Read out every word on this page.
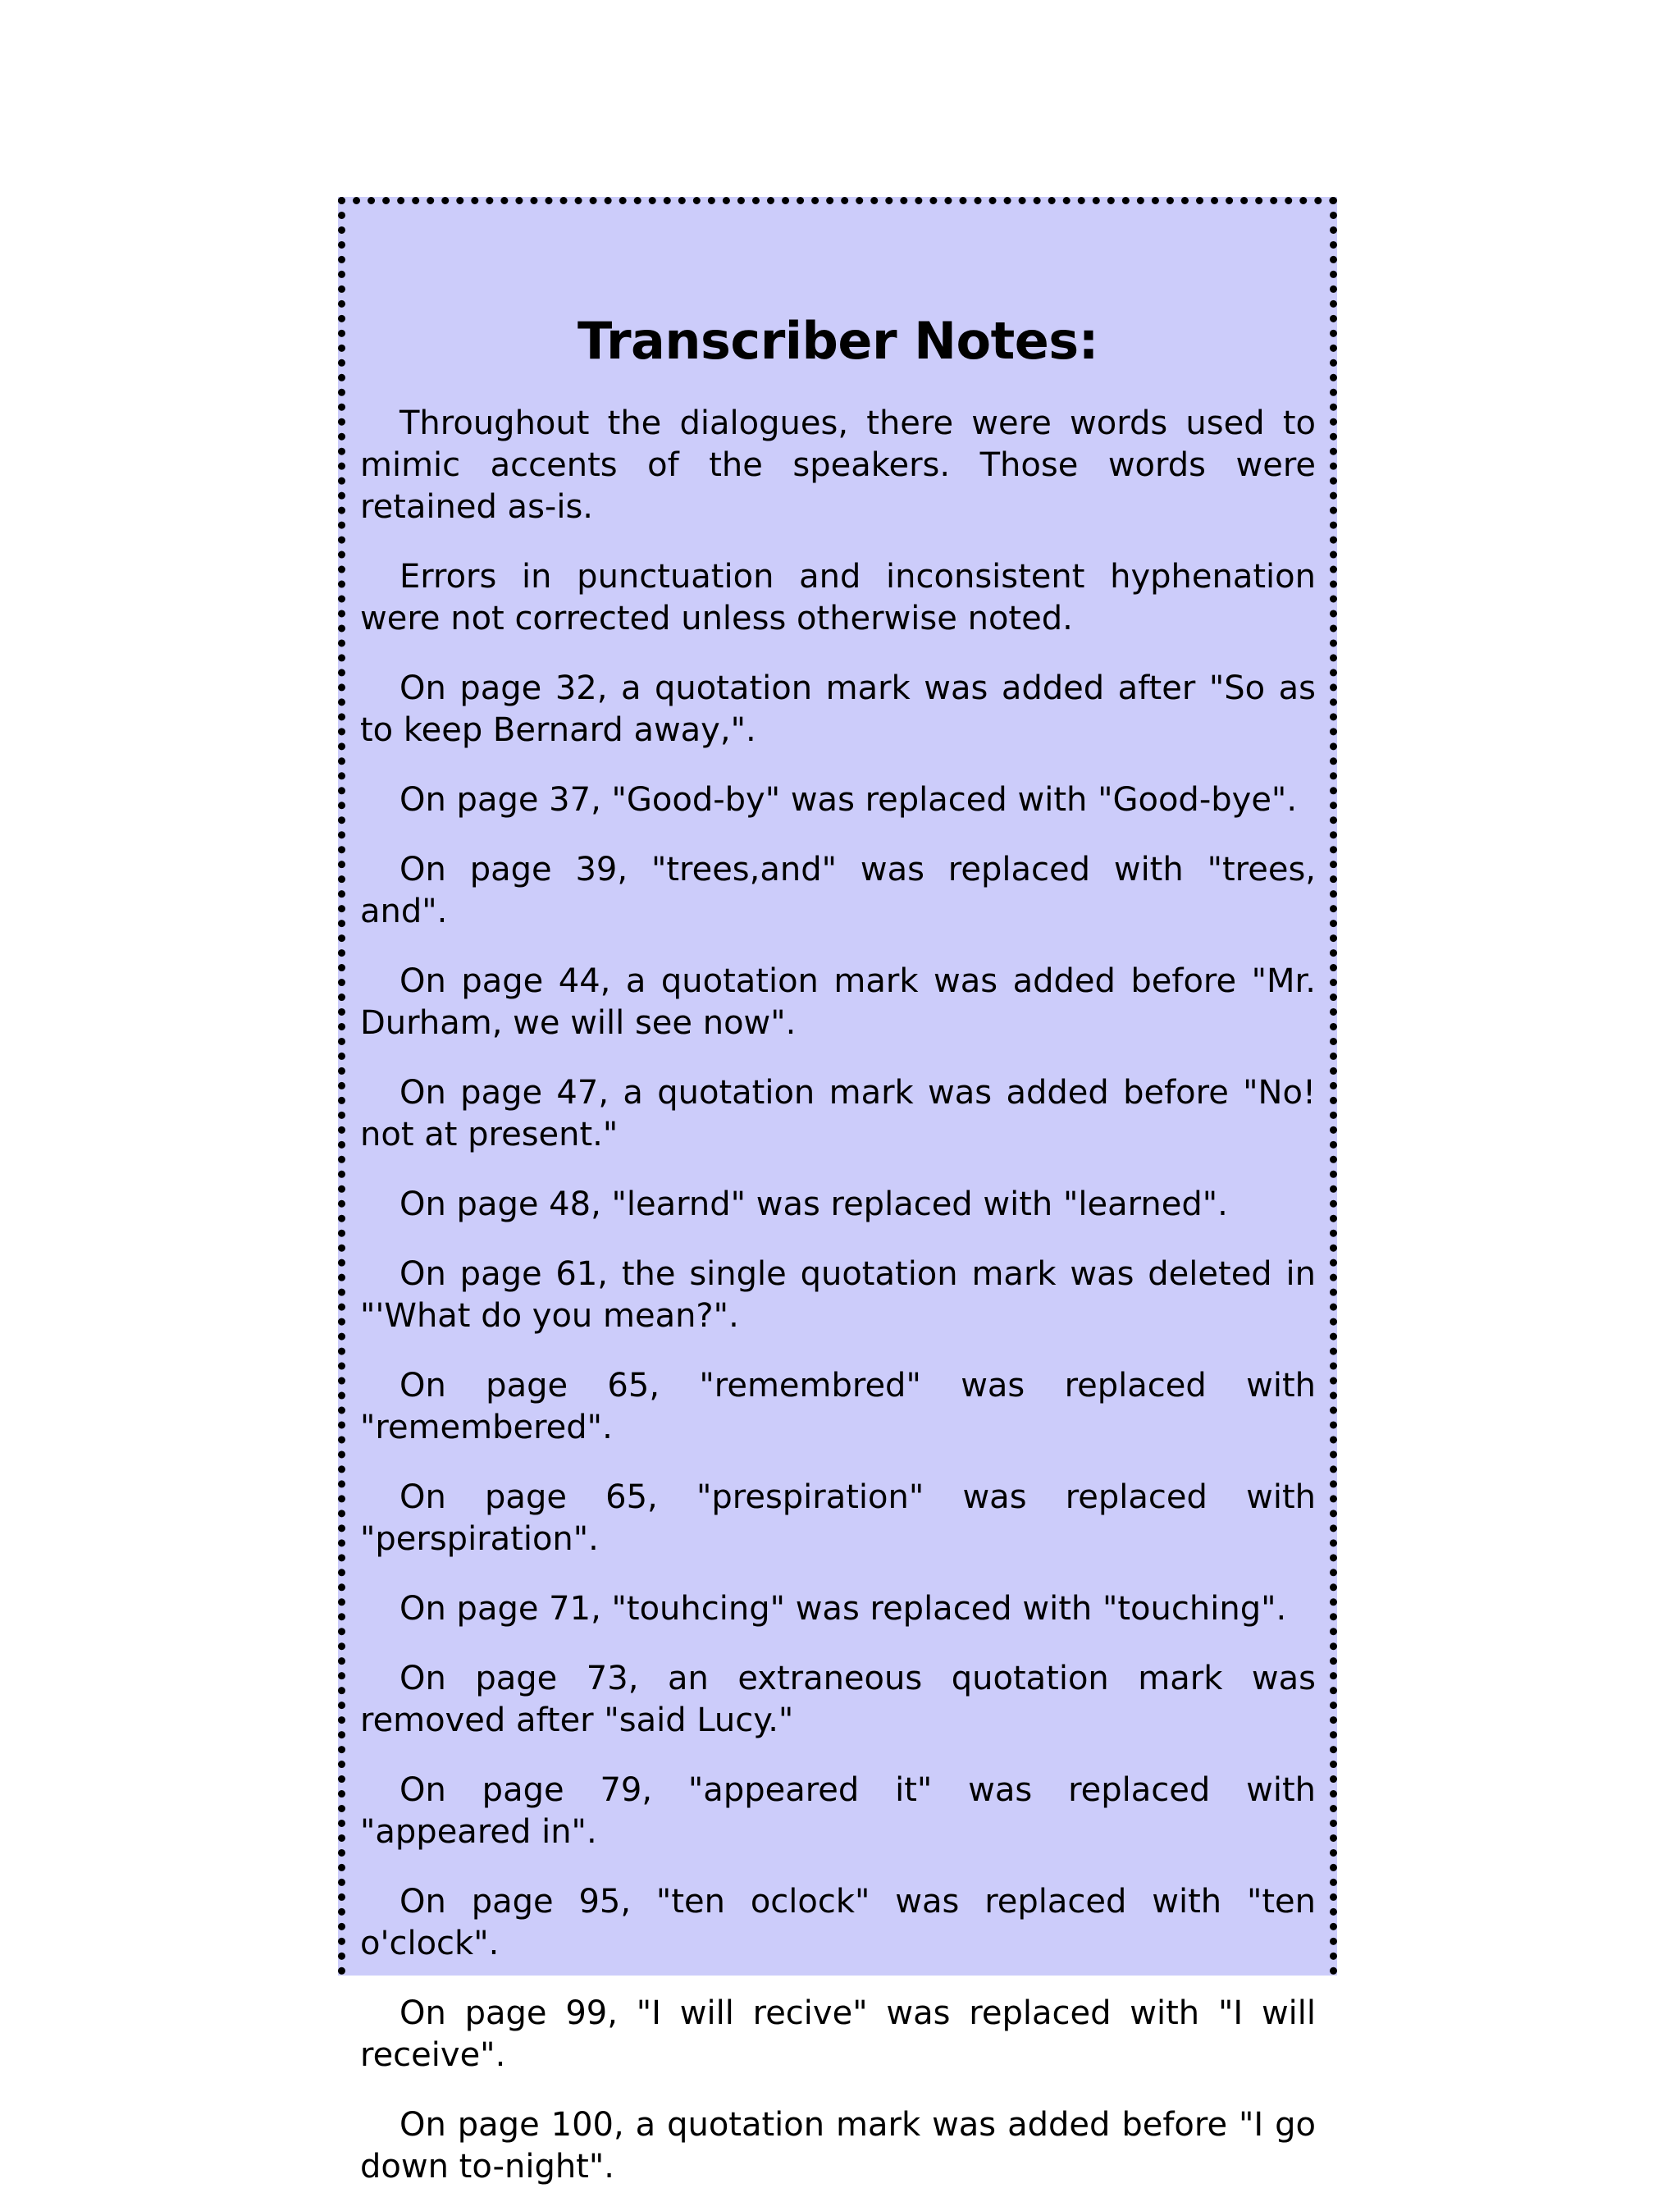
Transcriber Notes:

Throughout the dialogues, there were words used to mimic accents of the speakers. Those words were retained as-is.

Errors in punctuation and inconsistent hyphenation were not corrected unless otherwise noted.

On page 32, a quotation mark was added after "So as to keep Bernard away,".

On page 37, "Good-by" was replaced with "Good-bye".

On page 39, "trees,and" was replaced with "trees, and".

On page 44, a quotation mark was added before "Mr. Durham, we will see now".

On page 47, a quotation mark was added before "No! not at present."

On page 48, "learnd" was replaced with "learned".

On page 61, the single quotation mark was deleted in "'What do you mean?".

On page 65, "remembred" was replaced with "remembered".

On page 65, "prespiration" was replaced with "perspiration".

On page 71, "touhcing" was replaced with "touching".

On page 73, an extraneous quotation mark was removed after "said Lucy."

On page 79, "appeared it" was replaced with "appeared in".

On page 95, "ten oclock" was replaced with "ten o'clock".

On page 99, "I will recive" was replaced with "I will receive".

On page 100, a quotation mark was added before "I go down to-night".
